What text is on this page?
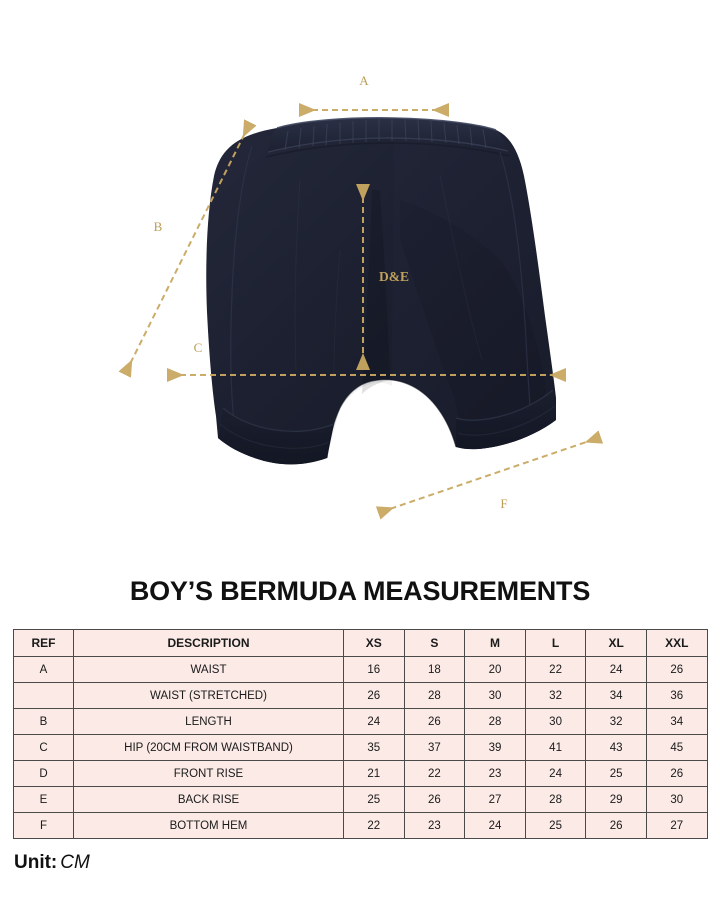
A
B
C
D&E
F
BOY’S BERMUDA MEASUREMENTS
REF	DESCRIPTION	XS	S	M	L	XL	XXL
A	WAIST	16	18	20	22	24	26
	WAIST (STRETCHED)	26	28	30	32	34	36
B	LENGTH	24	26	28	30	32	34
C	HIP (20CM FROM WAISTBAND)	35	37	39	41	43	45
D	FRONT RISE	21	22	23	24	25	26
E	BACK RISE	25	26	27	28	29	30
F	BOTTOM HEM	22	23	24	25	26	27
Unit: CM
